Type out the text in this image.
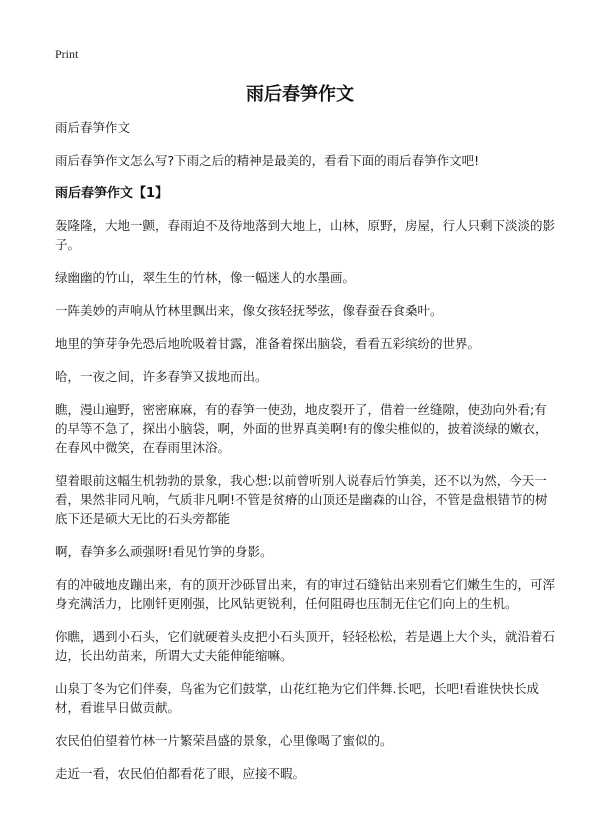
Print
雨后春笋作文

雨后春笋作文

雨后春笋作文怎么写?下雨之后的精神是最美的，看看下面的雨后春笋作文吧!

雨后春笋作文【1】

轰隆隆，大地一颤，春雨迫不及待地落到大地上，山林，原野，房屋，行人只剩下淡淡的影子。

绿幽幽的竹山，翠生生的竹林，像一幅迷人的水墨画。

一阵美妙的声响从竹林里飘出来，像女孩轻抚琴弦，像春蚕吞食桑叶。

地里的笋芽争先恐后地吮吸着甘露，准备着探出脑袋，看看五彩缤纷的世界。

哈，一夜之间，许多春笋又拔地而出。

瞧，漫山遍野，密密麻麻，有的春笋一使劲，地皮裂开了，借着一丝缝隙，使劲向外看;有的早等不急了，探出小脑袋，啊，外面的世界真美啊!有的像尖椎似的，披着淡绿的嫩衣，在春风中微笑，在春雨里沐浴。

望着眼前这幅生机勃勃的景象，我心想:以前曾听别人说春后竹笋美，还不以为然，今天一看，果然非同凡响，气质非凡啊!不管是贫瘠的山顶还是幽森的山谷，不管是盘根错节的树底下还是硕大无比的石头旁都能

啊，春笋多么顽强呀!看见竹笋的身影。

有的冲破地皮蹦出来，有的顶开沙砾冒出来，有的审过石缝钻出来别看它们嫩生生的，可浑身充满活力，比刚钎更刚强，比风钻更锐利，任何阻碍也压制无住它们向上的生机。

你瞧，遇到小石头，它们就硬着头皮把小石头顶开，轻轻松松，若是遇上大个头，就沿着石边，长出幼苗来，所谓大丈夫能伸能缩嘛。

山泉丁冬为它们伴奏，鸟雀为它们鼓掌，山花红艳为它们伴舞.长吧，长吧!看谁快快长成材，看谁早日做贡献。

农民伯伯望着竹林一片繁荣昌盛的景象，心里像喝了蜜似的。

走近一看，农民伯伯都看花了眼，应接不暇。
